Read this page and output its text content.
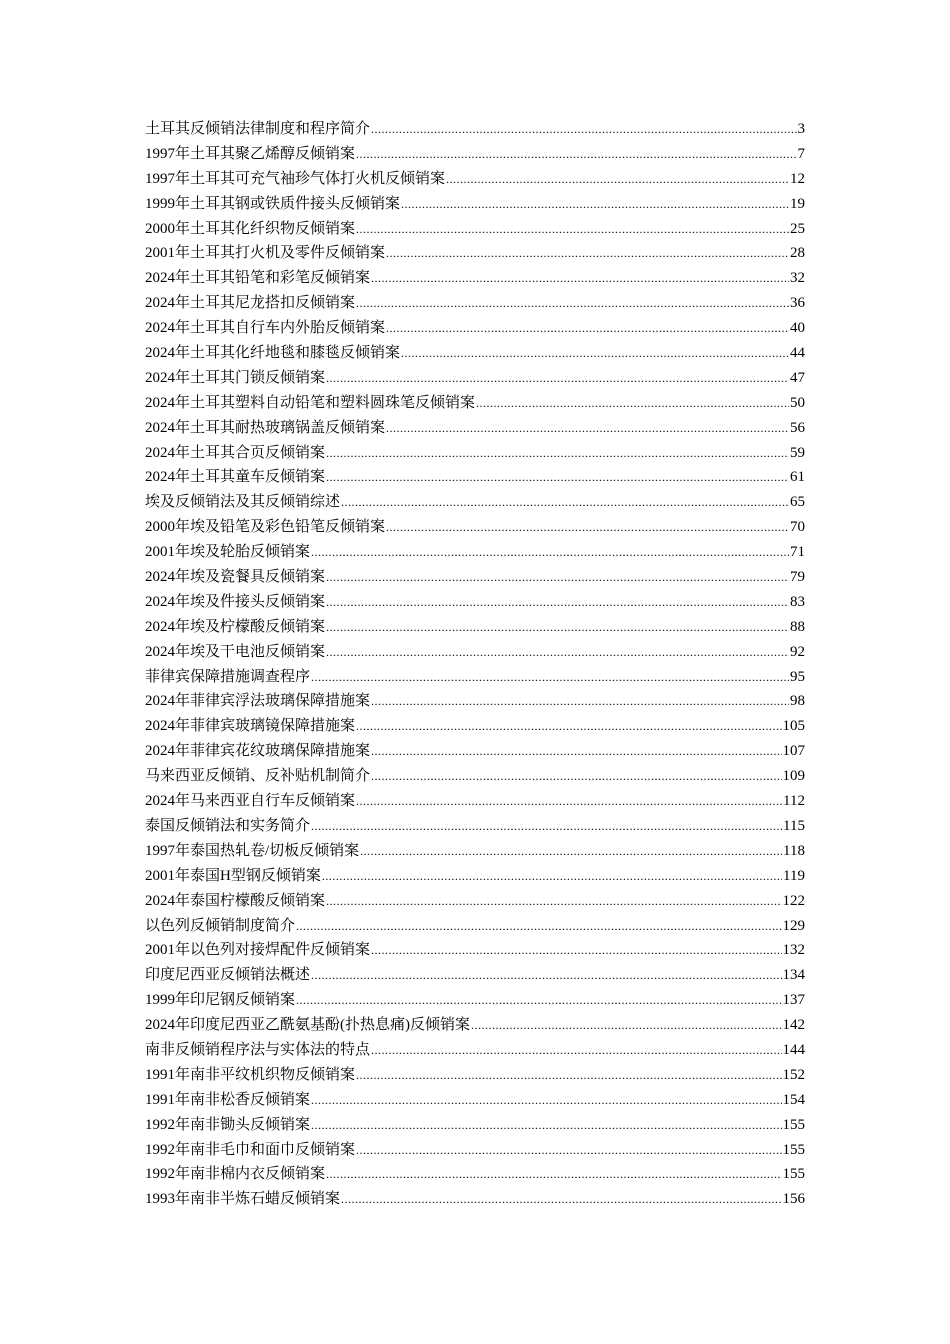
土耳其反倾销法律制度和程序简介 .....	3
1997年土耳其聚乙烯醇反倾销案 .....	7
1997年土耳其可充气袖珍气体打火机反倾销案 .....	12
1999年土耳其钢或铁质件接头反倾销案 .....	19
2000年土耳其化纤织物反倾销案 .....	25
2001年土耳其打火机及零件反倾销案 .....	28
2024年土耳其铅笔和彩笔反倾销案 .....	32
2024年土耳其尼龙搭扣反倾销案 .....	36
2024年土耳其自行车内外胎反倾销案 .....	40
2024年土耳其化纤地毯和膝毯反倾销案 .....	44
2024年土耳其门锁反倾销案 .....	47
2024年土耳其塑料自动铅笔和塑料圆珠笔反倾销案 .....	50
2024年土耳其耐热玻璃锅盖反倾销案 .....	56
2024年土耳其合页反倾销案 .....	59
2024年土耳其童车反倾销案 .....	61
埃及反倾销法及其反倾销综述 .....	65
2000年埃及铅笔及彩色铅笔反倾销案 .....	70
2001年埃及轮胎反倾销案 .....	71
2024年埃及瓷餐具反倾销案 .....	79
2024年埃及件接头反倾销案 .....	83
2024年埃及柠檬酸反倾销案 .....	88
2024年埃及干电池反倾销案 .....	92
菲律宾保障措施调查程序 .....	95
2024年菲律宾浮法玻璃保障措施案 .....	98
2024年菲律宾玻璃镜保障措施案 .....	105
2024年菲律宾花纹玻璃保障措施案 .....	107
马来西亚反倾销、反补贴机制简介 .....	109
2024年马来西亚自行车反倾销案 .....	112
泰国反倾销法和实务简介 .....	115
1997年泰国热轧卷/切板反倾销案 .....	118
2001年泰国H型钢反倾销案 .....	119
2024年泰国柠檬酸反倾销案 .....	122
以色列反倾销制度简介 .....	129
2001年以色列对接焊配件反倾销案 .....	132
印度尼西亚反倾销法概述 .....	134
1999年印尼钢反倾销案 .....	137
2024年印度尼西亚乙酰氨基酚(扑热息痛)反倾销案 .....	142
南非反倾销程序法与实体法的特点 .....	144
1991年南非平纹机织物反倾销案 .....	152
1991年南非松香反倾销案 .....	154
1992年南非锄头反倾销案 .....	155
1992年南非毛巾和面巾反倾销案 .....	155
1992年南非棉内衣反倾销案 .....	155
1993年南非半炼石蜡反倾销案 .....	156
